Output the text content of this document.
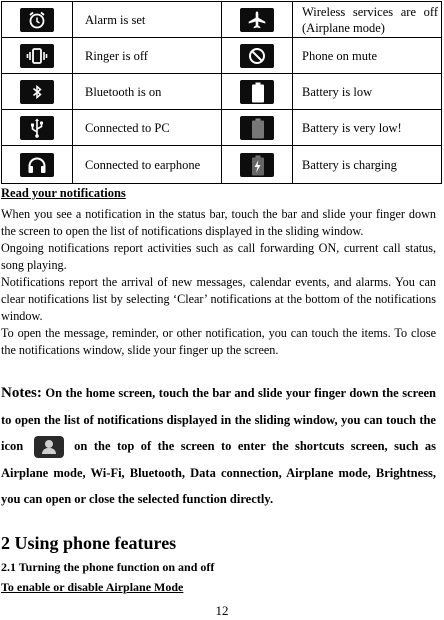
	Alarm is set		Wireless services are off (Airplane mode)

	Ringer is off		Phone on mute

	Bluetooth is on		Battery is low

	Connected to PC		Battery is very low!

	Connected to earphone		Battery is charging
Read your notifications

When you see a notification in the status bar, touch the bar and slide your finger down the screen to open the list of notifications displayed in the sliding window.

Ongoing notifications report activities such as call forwarding ON, current call status, song playing.

Notifications report the arrival of new messages, calendar events, and alarms. You can clear notifications list by selecting ‘Clear’ notifications at the bottom of the notifications window.

To open the message, reminder, or other notification, you can touch the items. To close the notifications window, slide your finger up the screen.

Notes: On the home screen, touch the bar and slide your finger down the screen to open the list of notifications displayed in the sliding window, you can touch the icon	on the top of the screen to enter the shortcuts screen, such as Airplane mode, Wi-Fi, Bluetooth, Data connection, Airplane mode, Brightness, you can open or close the selected function directly.
2 Using phone features
2.1 Turning the phone function on and off
To enable or disable Airplane Mode
12
